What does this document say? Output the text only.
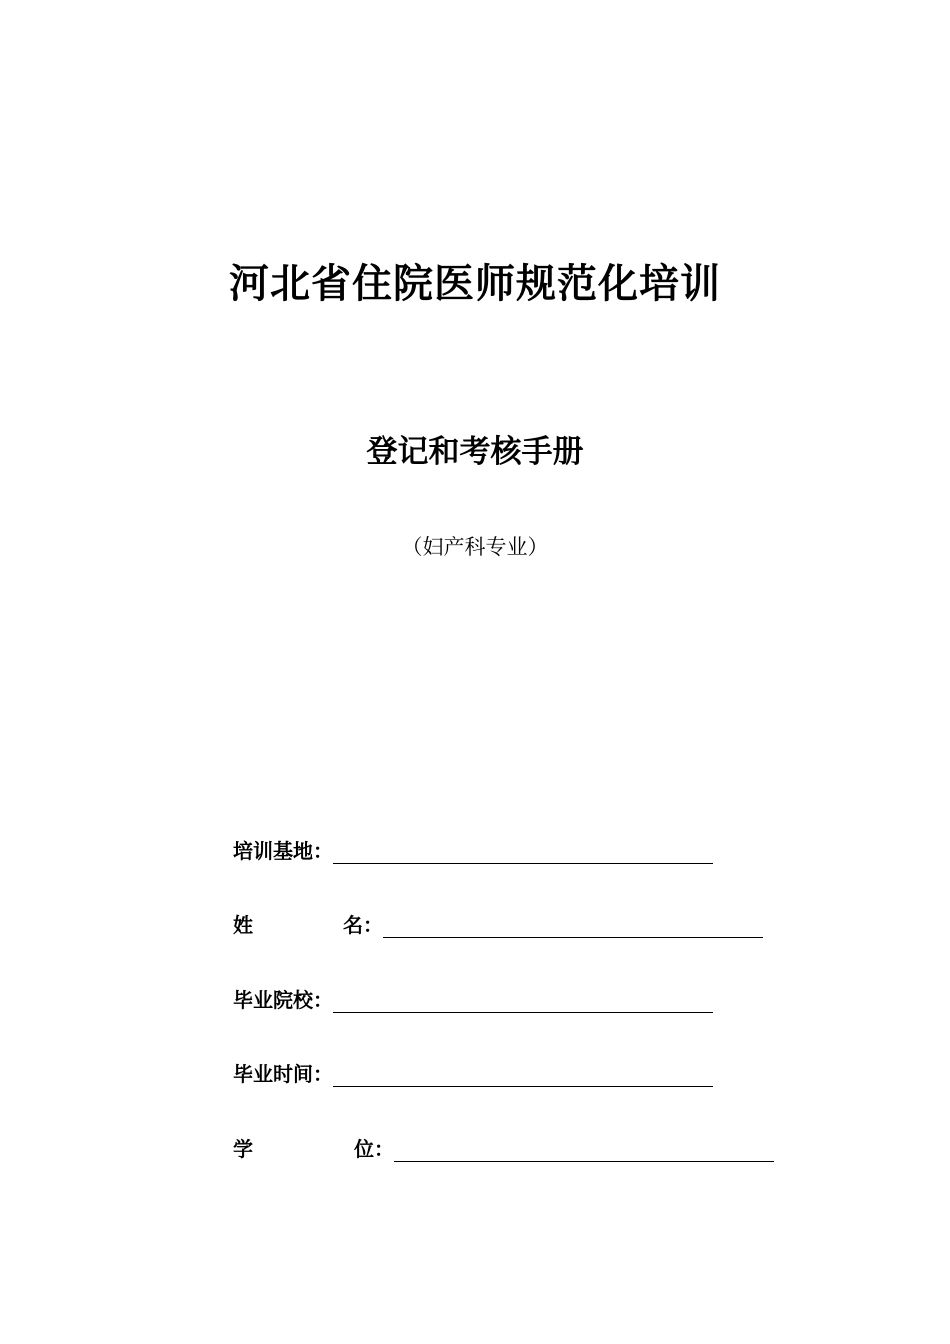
河北省住院医师规范化培训
登记和考核手册
（妇产科专业）
培训基地：
姓	名：
毕业院校：
毕业时间：
学	位：
